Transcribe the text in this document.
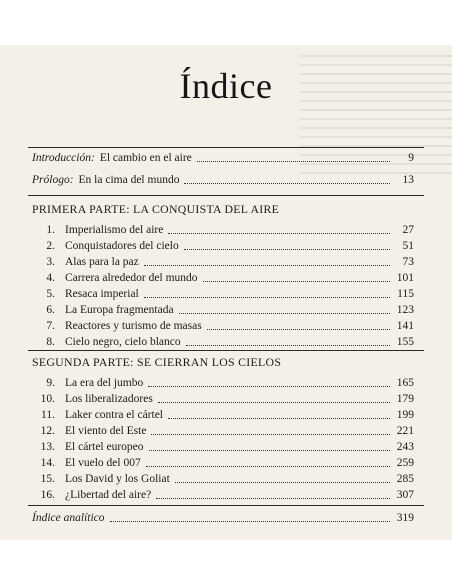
Índice
Introducción: El cambio en el aire	9
Prólogo: En la cima del mundo	13
PRIMERA PARTE: LA CONQUISTA DEL AIRE
1. Imperialismo del aire	27
2. Conquistadores del cielo	51
3. Alas para la paz	73
4. Carrera alrededor del mundo	101
5. Resaca imperial	115
6. La Europa fragmentada	123
7. Reactores y turismo de masas	141
8. Cielo negro, cielo blanco	155
SEGUNDA PARTE: SE CIERRAN LOS CIELOS
9. La era del jumbo	165
10. Los liberalizadores	179
11. Laker contra el cártel	199
12. El viento del Este	221
13. El cártel europeo	243
14. El vuelo del 007	259
15. Los David y los Goliat	285
16. ¿Libertad del aire?	307
Índice analítico	319
